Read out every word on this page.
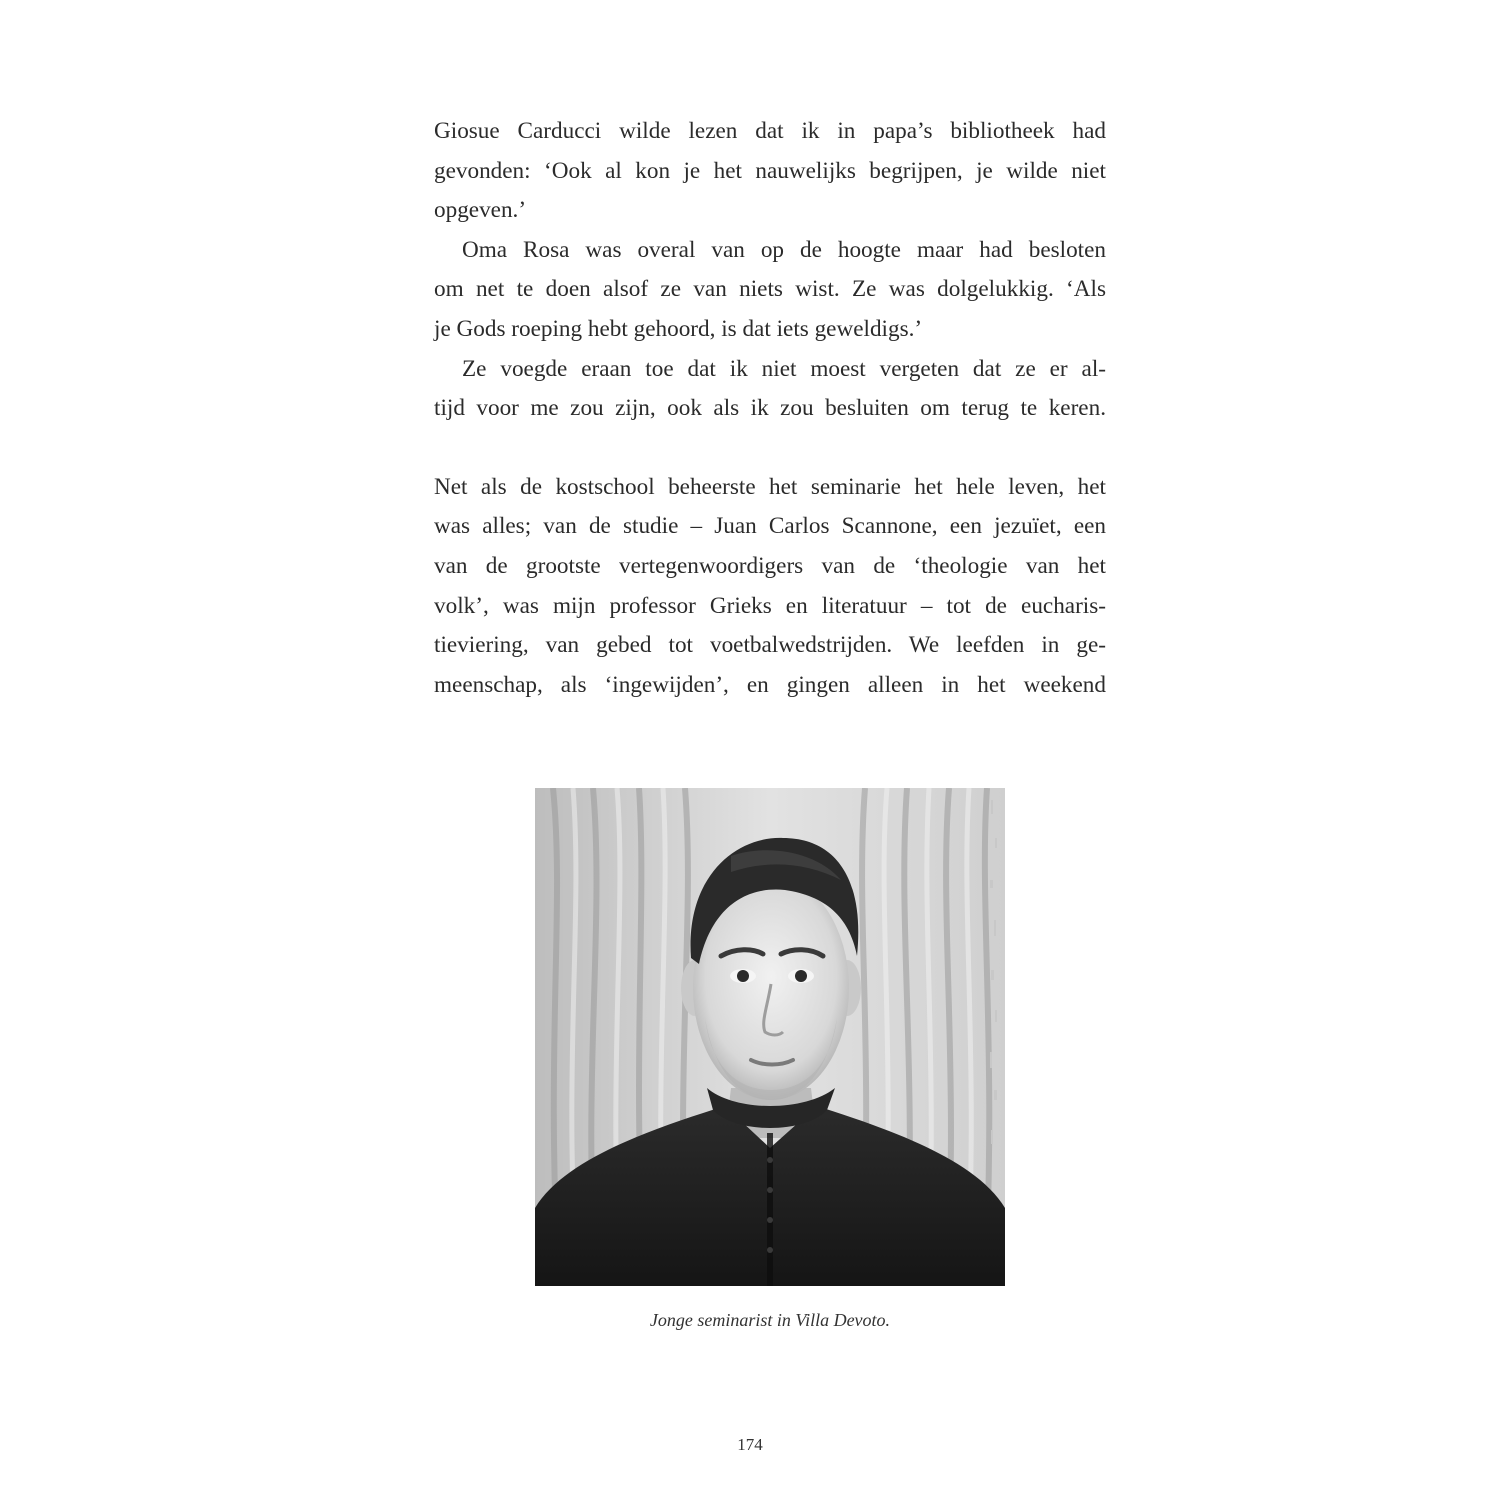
Giosue Carducci wilde lezen dat ik in papa’s bibliotheek had
gevonden: ‘Ook al kon je het nauwelijks begrijpen, je wilde niet
opgeven.’

Oma Rosa was overal van op de hoogte maar had besloten
om net te doen alsof ze van niets wist. Ze was dolgelukkig. ‘Als
je Gods roeping hebt gehoord, is dat iets geweldigs.’

Ze voegde eraan toe dat ik niet moest vergeten dat ze er al-
tijd voor me zou zijn, ook als ik zou besluiten om terug te keren.

Net als de kostschool beheerste het seminarie het hele leven, het
was alles; van de studie – Juan Carlos Scannone, een jezuïet, een
van de grootste vertegenwoordigers van de ‘theologie van het
volk’, was mijn professor Grieks en literatuur – tot de eucharis-
tieviering, van gebed tot voetbalwedstrijden. We leefden in ge-
meenschap, als ‘ingewijden’, en gingen alleen in het weekend

Jonge seminarist in Villa Devoto.
174
